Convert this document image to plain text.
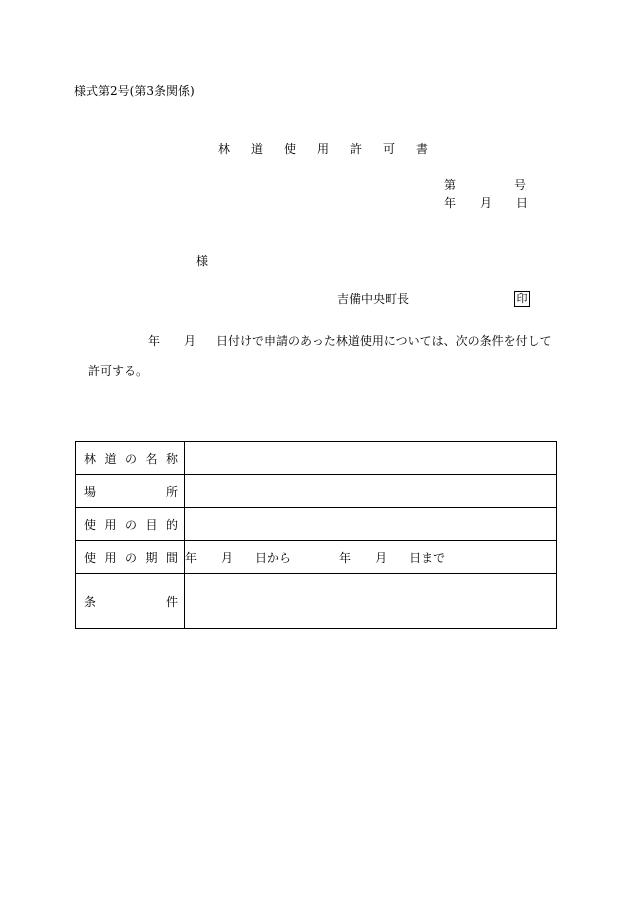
様式第2号(第3条関係)
林道使用許可書
第	号
年 月 日
様
吉備中央町長	印
年 月 日付けで申請のあった林道使用については、次の条件を付して
許可する。
林道の名称	
場所	
使用の目的	
使用の期間	年 月 日から 年 月 日まで
条件	
